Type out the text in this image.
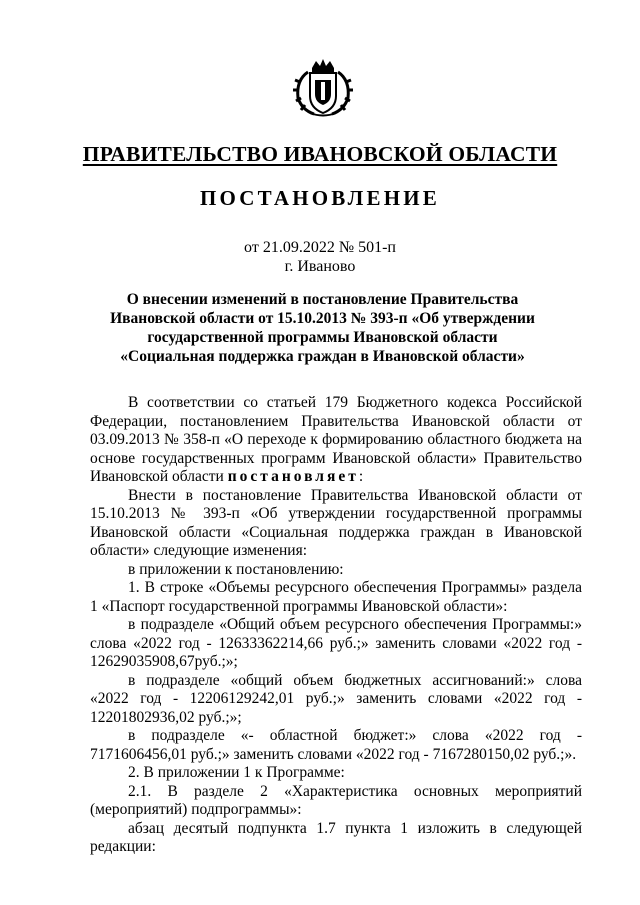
ПРАВИТЕЛЬСТВО ИВАНОВСКОЙ ОБЛАСТИ
ПОСТАНОВЛЕНИЕ
от 21.09.2022 № 501-п
г. Иваново
О внесении изменений в постановление Правительства Ивановской области от 15.10.2013 № 393-п «Об утверждении государственной программы Ивановской области «Социальная поддержка граждан в Ивановской области»

В соответствии со статьей 179 Бюджетного кодекса Российской Федерации, постановлением Правительства Ивановской области от 03.09.2013 № 358-п «О переходе к формированию областного бюджета на основе государственных программ Ивановской области» Правительство Ивановской области постановляет:

Внести в постановление Правительства Ивановской области от 15.10.2013 № 393-п «Об утверждении государственной программы Ивановской области «Социальная поддержка граждан в Ивановской области» следующие изменения:

в приложении к постановлению:

1. В строке «Объемы ресурсного обеспечения Программы» раздела 1 «Паспорт государственной программы Ивановской области»:

в подразделе «Общий объем ресурсного обеспечения Программы:» слова «2022 год - 12633362214,66 руб.;» заменить словами «2022 год - 12629035908,67руб.;»;

в подразделе «общий объем бюджетных ассигнований:» слова «2022 год - 12206129242,01 руб.;» заменить словами «2022 год - 12201802936,02 руб.;»;

в подразделе «- областной бюджет:» слова «2022 год - 7171606456,01 руб.;» заменить словами «2022 год - 7167280150,02 руб.;».

2. В приложении 1 к Программе:

2.1. В разделе 2 «Характеристика основных мероприятий (мероприятий) подпрограммы»:

абзац десятый подпункта 1.7 пункта 1 изложить в следующей редакции:
